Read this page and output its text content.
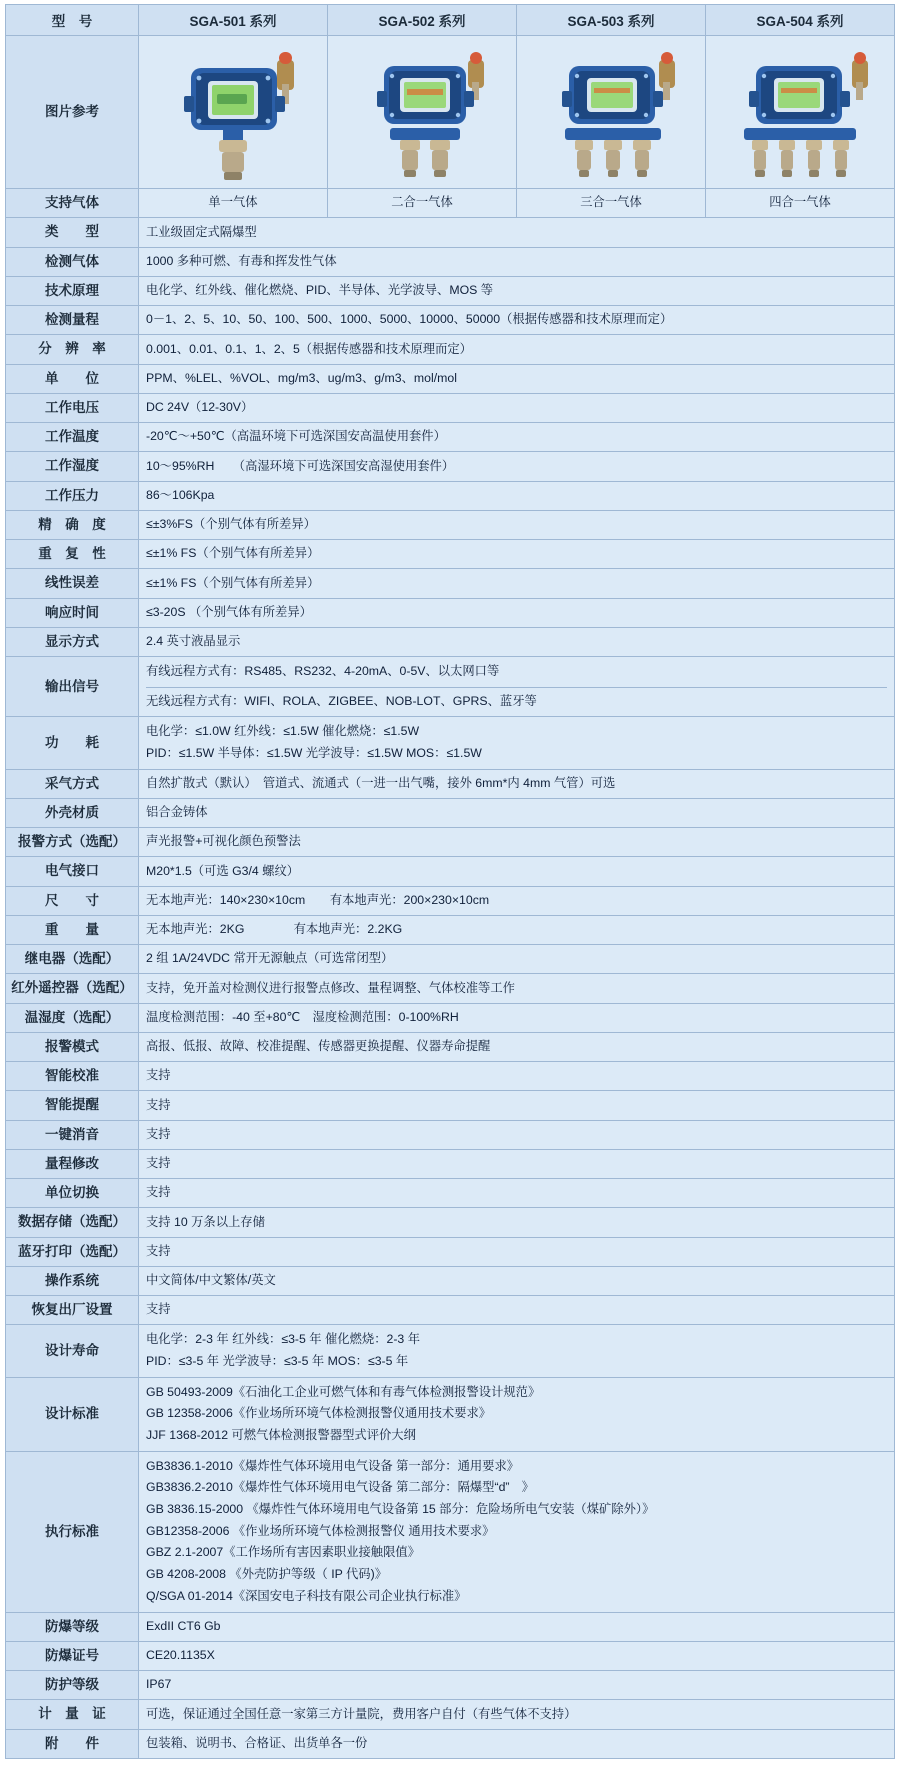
型　号	SGA-501 系列	SGA-502 系列	SGA-503 系列	SGA-504 系列
图片参考	

支持气体	单一气体	二合一气体	三合一气体	四合一气体
类　　型	工业级固定式隔爆型			
检测气体	1000 多种可燃、有毒和挥发性气体			
技术原理	电化学、红外线、催化燃烧、PID、半导体、光学波导、MOS 等			
检测量程	0－1、2、5、10、50、100、500、1000、5000、10000、50000（根据传感器和技术原理而定）			
分　辨　率	0.001、0.01、0.1、1、2、5（根据传感器和技术原理而定）			
单　　位	PPM、%LEL、%VOL、mg/m3、ug/m3、g/m3、mol/mol			
工作电压	DC 24V（12-30V）			
工作温度	-20℃～+50℃（高温环境下可选深国安高温使用套件）			
工作湿度	10～95%RH　　（高湿环境下可选深国安高湿使用套件）			
工作压力	86～106Kpa			
精　确　度	≤±3%FS（个别气体有所差异）			
重　复　性	≤±1% FS（个别气体有所差异）			
线性误差	≤±1% FS（个别气体有所差异）			
响应时间	≤3-20S （个别气体有所差异）			
显示方式	2.4 英寸液晶显示			
输出信号	有线远程方式有：RS485、RS232、4-20mA、0-5V、以太网口等
无线远程方式有：WIFI、ROLA、ZIGBEE、NOB-LOT、GPRS、蓝牙等			

功　　耗	电化学：≤1.0W 红外线：≤1.5W 催化燃烧：≤1.5W
PID：≤1.5W 半导体：≤1.5W 光学波导：≤1.5W MOS：≤1.5W			

采气方式	自然扩散式（默认）　管道式、流通式（一进一出气嘴，接外 6mm*内 4mm 气管）可选			
外壳材质	铝合金铸体			
报警方式（选配）	声光报警+可视化颜色预警法			
电气接口	M20*1.5（可选 G3/4 螺纹）			
尺　　寸	无本地声光：140×230×10cm　　有本地声光：200×230×10cm			
重　　量	无本地声光：2KG　　　　有本地声光：2.2KG			
继电器（选配）	2 组 1A/24VDC 常开无源触点（可选常闭型）			
红外遥控器（选配）	支持，免开盖对检测仪进行报警点修改、量程调整、气体校准等工作			
温湿度（选配）	温度检测范围：-40 至+80℃　湿度检测范围：0-100%RH			
报警模式	高报、低报、故障、校准提醒、传感器更换提醒、仪器寿命提醒			
智能校准	支持			
智能提醒	支持			
一键消音	支持			
量程修改	支持			
单位切换	支持			
数据存储（选配）	支持 10 万条以上存储			
蓝牙打印（选配）	支持			
操作系统	中文简体/中文繁体/英文			
恢复出厂设置	支持			
设计寿命	电化学：2-3 年 红外线：≤3-5 年 催化燃烧：2-3 年
PID：≤3-5 年 光学波导：≤3-5 年 MOS：≤3-5 年			

设计标准	GB 50493-2009《石油化工企业可燃气体和有毒气体检测报警设计规范》
GB 12358-2006《作业场所环境气体检测报警仪通用技术要求》
JJF 1368-2012 可燃气体检测报警器型式评价大纲			

执行标准	
GB3836.1-2010《爆炸性气体环境用电气设备 第一部分：通用要求》
GB3836.2-2010《爆炸性气体环境用电气设备 第二部分：隔爆型“d”　》
GB 3836.15-2000 《爆炸性气体环境用电气设备第 15 部分：危险场所电气安装（煤矿除外）》
GB12358-2006 《作业场所环境气体检测报警仪 通用技术要求》
GBZ 2.1-2007《工作场所有害因素职业接触限值》
GB 4208-2008 《外壳防护等级（ IP 代码)》
Q/SGA 01-2014《深国安电子科技有限公司企业执行标准》

防爆等级	ExdII CT6 Gb			
防爆证号	CE20.1135X			
防护等级	IP67			
计　量　证	可选，保证通过全国任意一家第三方计量院，费用客户自付（有些气体不支持）			
附　　件	包装箱、说明书、合格证、出货单各一份			
